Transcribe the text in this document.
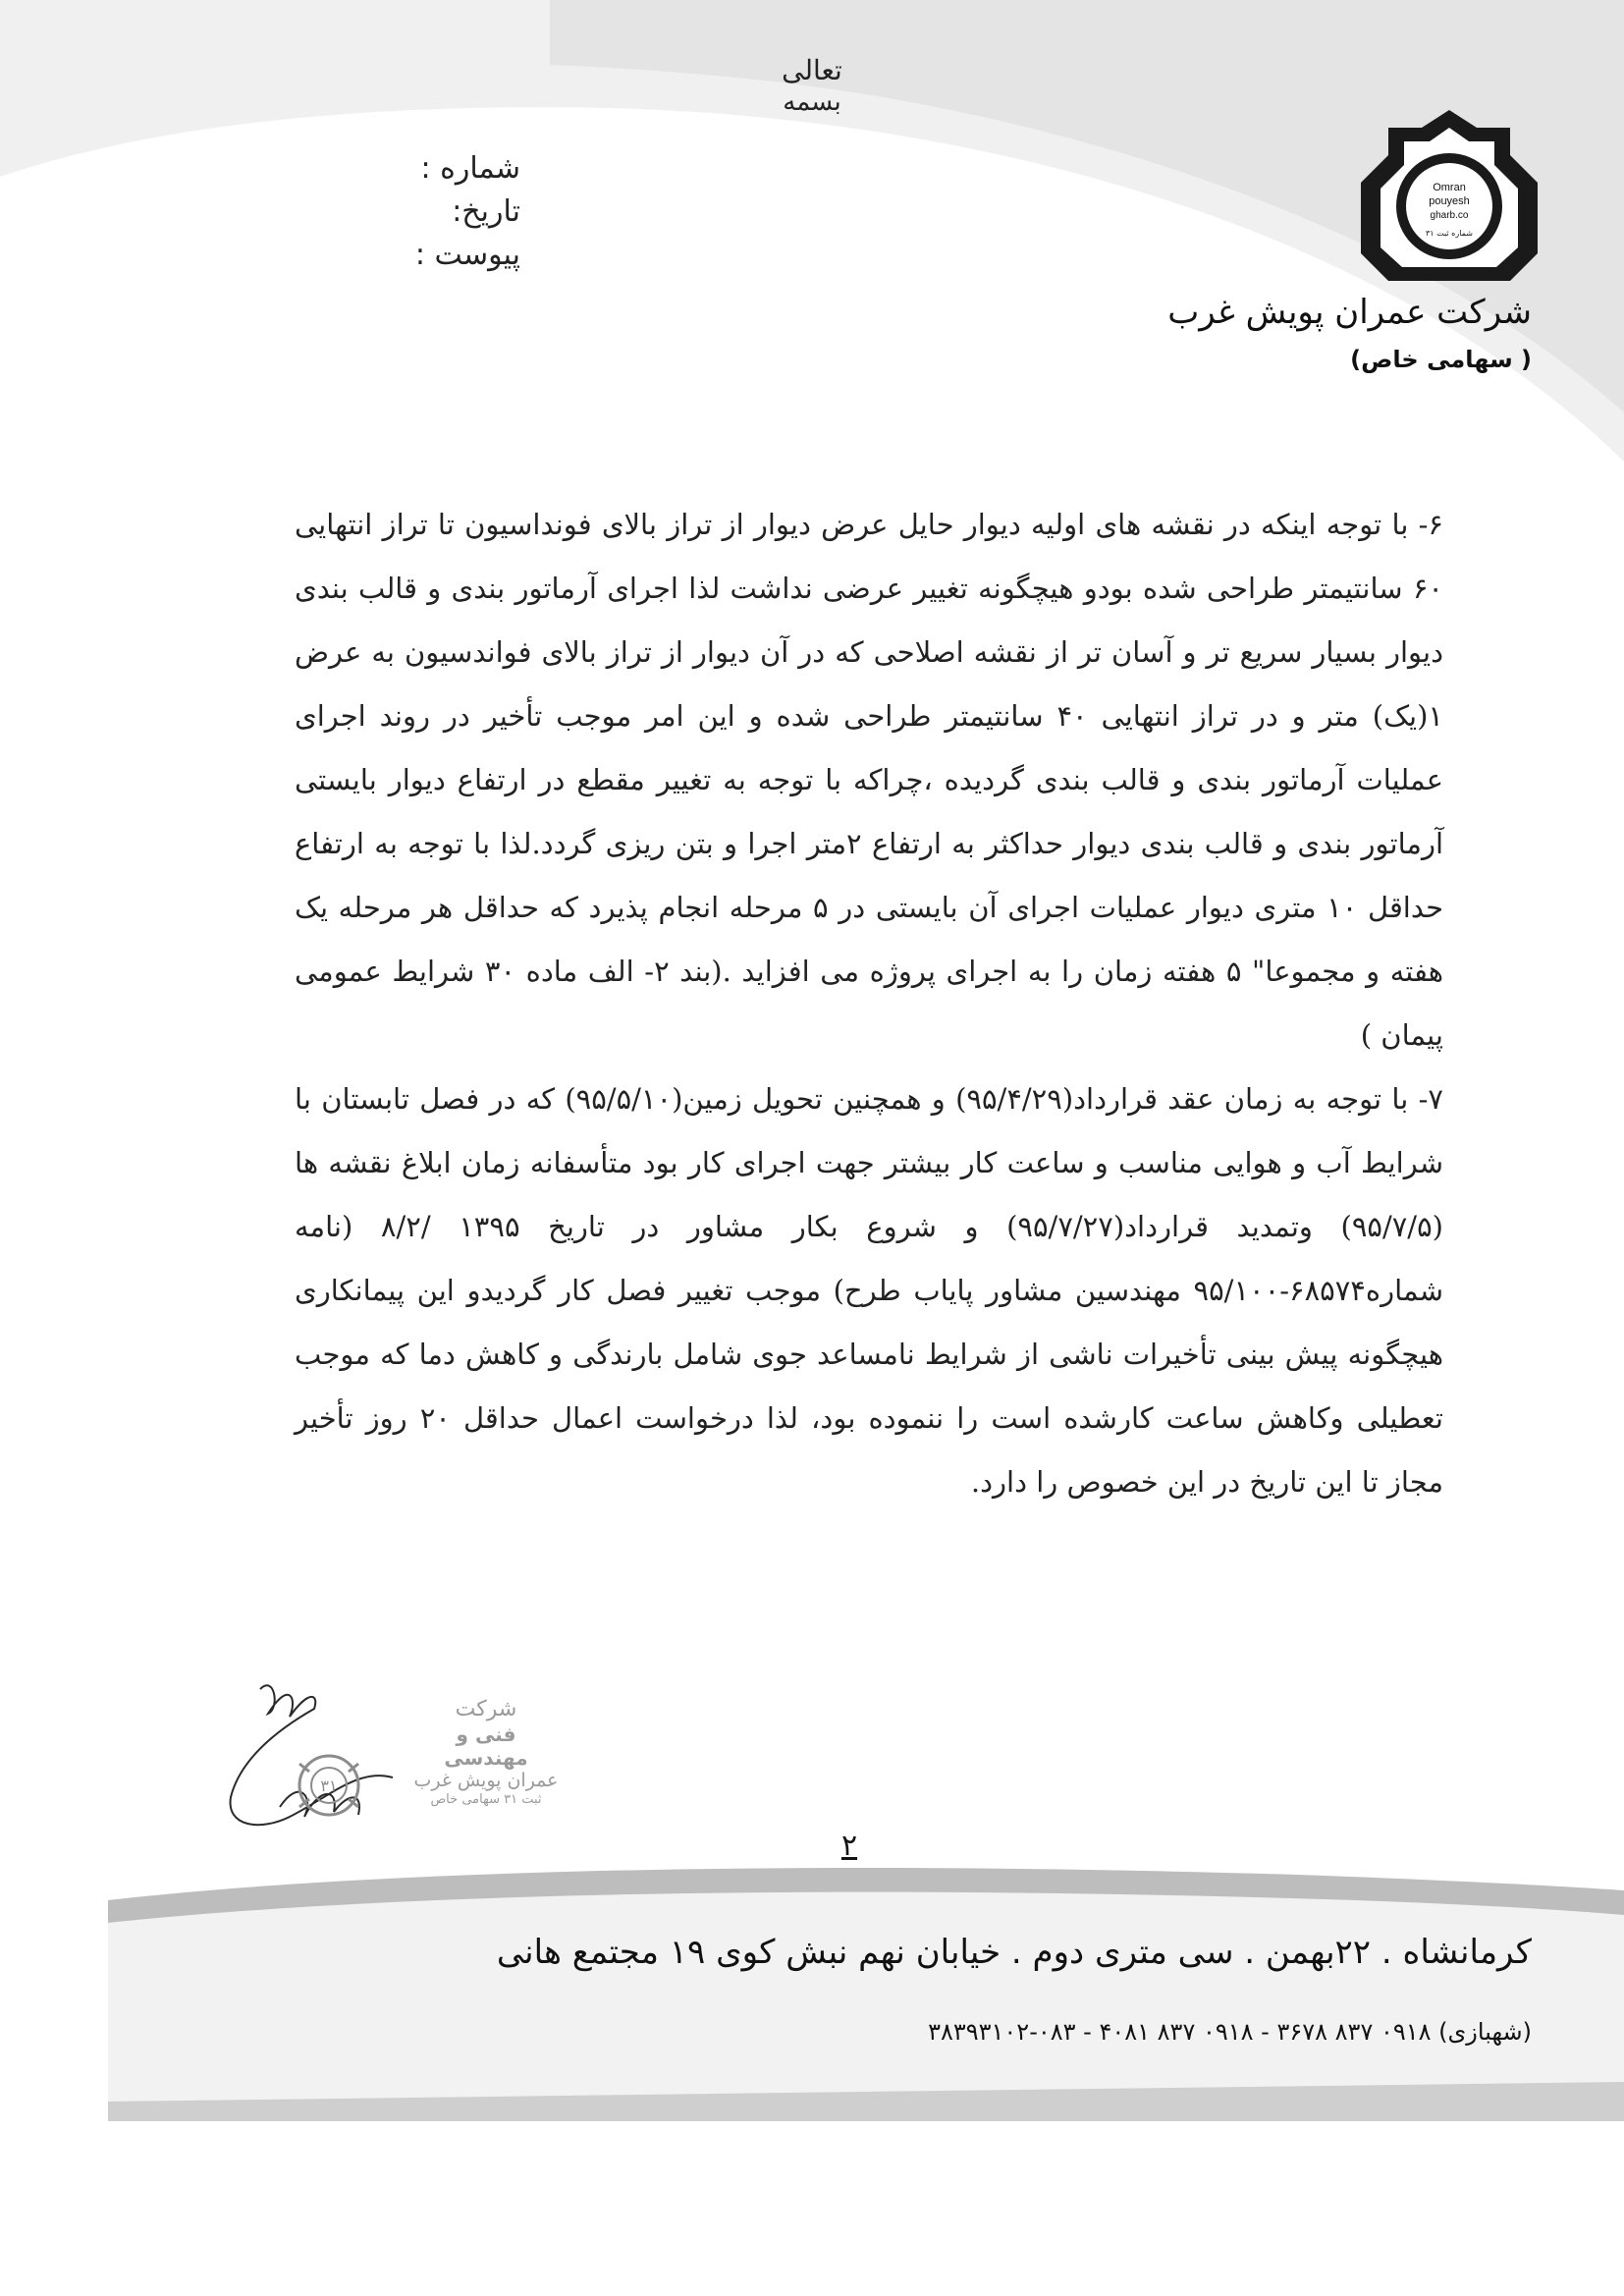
تعالی
بسمه
شماره :
تاریخ:
پیوست :
Omran
pouyesh
gharb.co
شماره ثبت ۳۱
شرکت عمران پویش غرب
( سهامی خاص)

۶- با توجه اینکه در نقشه های اولیه دیوار حایل عرض دیوار از تراز بالای فونداسیون تا تراز انتهایی ۶۰ سانتیمتر طراحی شده بودو هیچگونه تغییر عرضی نداشت لذا اجرای آرماتور بندی و قالب بندی دیوار بسیار سریع تر و آسان تر از نقشه اصلاحی که در آن دیوار از تراز بالای فواندسیون به عرض ۱(یک) متر و در تراز انتهایی ۴۰ سانتیمتر طراحی شده و این امر موجب تأخیر در روند اجرای عملیات آرماتور بندی و قالب بندی گردیده ،چراکه با توجه به تغییر مقطع در ارتفاع دیوار بایستی آرماتور بندی و قالب بندی دیوار حداکثر به ارتفاع ۲متر اجرا و بتن ریزی گردد.لذا با توجه به ارتفاع حداقل ۱۰ متری دیوار عملیات اجرای آن بایستی در ۵ مرحله انجام پذیرد که حداقل هر مرحله یک هفته و مجموعا" ۵ هفته زمان را به اجرای پروژه می افزاید .(بند ۲- الف ماده ۳۰ شرایط عمومی پیمان )

۷- با توجه به زمان عقد قرارداد(۹۵/۴/۲۹) و همچنین تحویل زمین(۹۵/۵/۱۰) که در فصل تابستان با شرایط آب و هوایی مناسب و ساعت کار بیشتر جهت اجرای کار بود متأسفانه زمان ابلاغ نقشه ها (۹۵/۷/۵) وتمدید قرارداد(۹۵/۷/۲۷) و شروع بکار مشاور در تاریخ ۱۳۹۵ /۸/۲ (نامه شماره۶۸۵۷۴-۹۵/۱۰۰ مهندسین مشاور پایاب طرح) موجب تغییر فصل کار گردیدو این پیمانکاری هیچگونه پیش بینی تأخیرات ناشی از شرایط نامساعد جوی شامل بارندگی و کاهش دما که موجب تعطیلی وکاهش ساعت کارشده است را ننموده بود، لذا درخواست اعمال حداقل ۲۰ روز تأخیر مجاز تا این تاریخ در این خصوص را دارد.

۳۱
شرکت
فنی و مهندسی
عمران پویش غرب
ثبت ۳۱ سهامی خاص
۲
کرمانشاه . ۲۲بهمن . سی متری دوم . خیابان نهم نبش کوی ۱۹ مجتمع هانی
(شهبازی) ۰۹۱۸ ۸۳۷ ۳۶۷۸ - ۰۹۱۸ ۸۳۷ ۴۰۸۱ - ۰۸۳-۳۸۳۹۳۱۰۲
